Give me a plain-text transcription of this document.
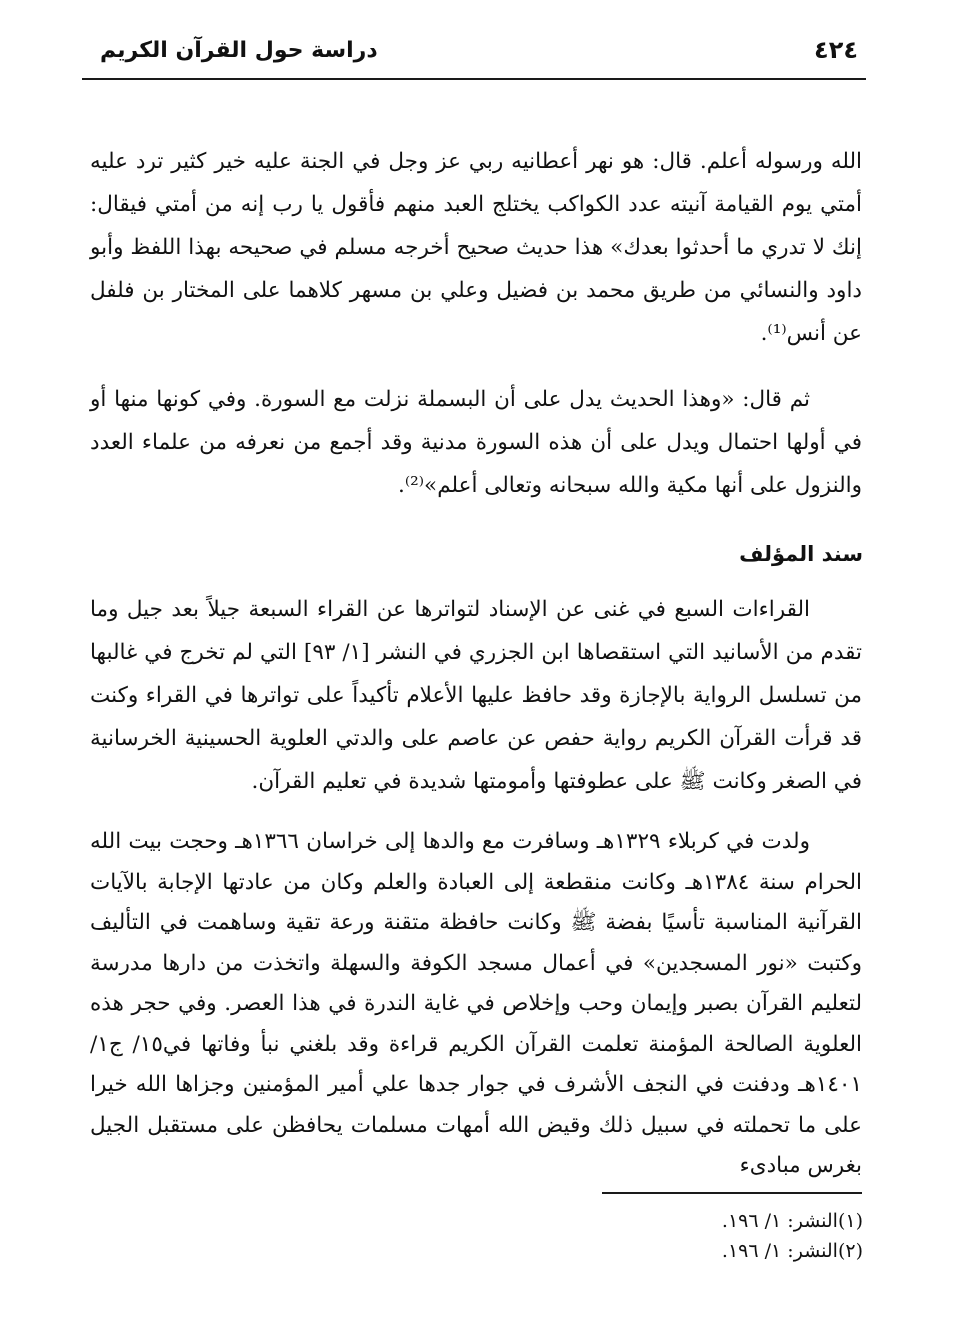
دراسة حول القرآن الكريم	٤٢٤

الله ورسوله أعلم. قال: هو نهر أعطانيه ربي عز وجل في الجنة عليه خير كثير ترد عليه أمتي يوم القيامة آنيته عدد الكواكب يختلج العبد منهم فأقول يا رب إنه من أمتي فيقال: إنك لا تدري ما أحدثوا بعدك» هذا حديث صحيح أخرجه مسلم في صحيحه بهذا اللفظ وأبو داود والنسائي من طريق محمد بن فضيل وعلي بن مسهر كلاهما على المختار بن فلفل عن أنس⁽¹⁾.

ثم قال: «وهذا الحديث يدل على أن البسملة نزلت مع السورة. وفي كونها منها أو في أولها احتمال ويدل على أن هذه السورة مدنية وقد أجمع من نعرفه من علماء العدد والنزول على أنها مكية والله سبحانه وتعالى أعلم»⁽²⁾.

سند المؤلف

القراءات السبع في غنى عن الإسناد لتواترها عن القراء السبعة جيلاً بعد جيل وما تقدم من الأسانيد التي استقصاها ابن الجزري في النشر [١/ ٩٣] التي لم تخرج في غالبها من تسلسل الرواية بالإجازة وقد حافظ عليها الأعلام تأكيداً على تواترها في القراء وكنت قد قرأت القرآن الكريم رواية حفص عن عاصم على والدتي العلوية الحسينية الخرسانية في الصغر وكانت ﷺ على عطوفتها وأمومتها شديدة في تعليم القرآن.

ولدت في كربلاء ١٣٢٩هـ وسافرت مع والدها إلى خراسان ١٣٦٦هـ وحجت بيت الله الحرام سنة ١٣٨٤هـ وكانت منقطعة إلى العبادة والعلم وكان من عادتها الإجابة بالآيات القرآنية المناسبة تأسيًا بفضة ﷺ وكانت حافظة متقنة ورعة تقية وساهمت في التأليف وكتبت «نور المسجدين» في أعمال مسجد الكوفة والسهلة واتخذت من دارها مدرسة لتعليم القرآن بصبر وإيمان وحب وإخلاص في غاية الندرة في هذا العصر. وفي حجر هذه العلوية الصالحة المؤمنة تعلمت القرآن الكريم قراءة وقد بلغني نبأ وفاتها في١٥/ ج١/ ١٤٠١هـ ودفنت في النجف الأشرف في جوار جدها علي أمير المؤمنين وجزاها الله خيرا على ما تحملته في سبيل ذلك وقيض الله أمهات مسلمات يحافظن على مستقبل الجيل بغرس مبادىء

(١)النشر: ١/ ١٩٦.
(٢)النشر: ١/ ١٩٦.
